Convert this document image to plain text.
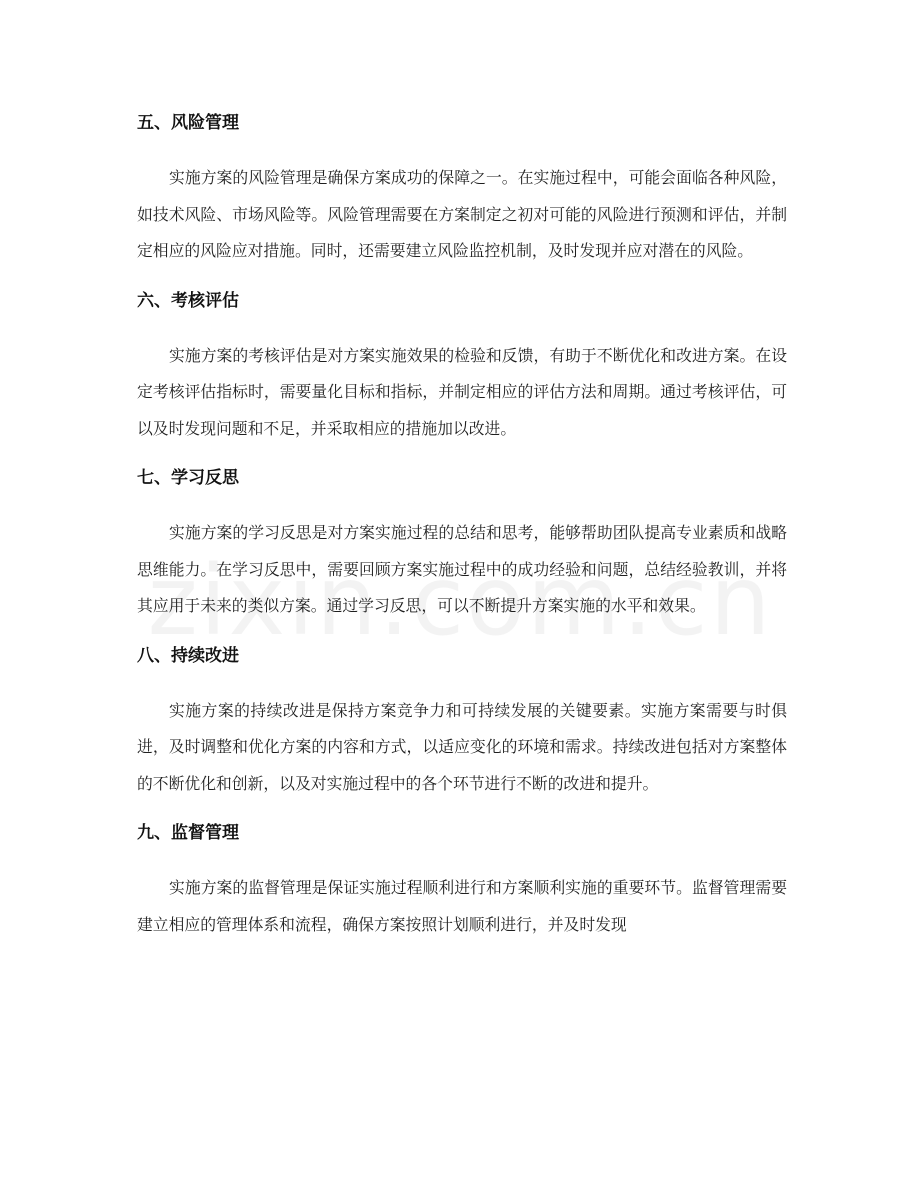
五、风险管理

实施方案的风险管理是确保方案成功的保障之一。在实施过程中，可能会面临各种风险，如技术风险、市场风险等。风险管理需要在方案制定之初对可能的风险进行预测和评估，并制定相应的风险应对措施。同时，还需要建立风险监控机制，及时发现并应对潜在的风险。

六、考核评估

实施方案的考核评估是对方案实施效果的检验和反馈，有助于不断优化和改进方案。在设定考核评估指标时，需要量化目标和指标，并制定相应的评估方法和周期。通过考核评估，可以及时发现问题和不足，并采取相应的措施加以改进。

七、学习反思

实施方案的学习反思是对方案实施过程的总结和思考，能够帮助团队提高专业素质和战略思维能力。在学习反思中，需要回顾方案实施过程中的成功经验和问题，总结经验教训，并将其应用于未来的类似方案。通过学习反思，可以不断提升方案实施的水平和效果。

八、持续改进

实施方案的持续改进是保持方案竞争力和可持续发展的关键要素。实施方案需要与时俱进，及时调整和优化方案的内容和方式，以适应变化的环境和需求。持续改进包括对方案整体的不断优化和创新，以及对实施过程中的各个环节进行不断的改进和提升。

九、监督管理

实施方案的监督管理是保证实施过程顺利进行和方案顺利实施的重要环节。监督管理需要建立相应的管理体系和流程，确保方案按照计划顺利进行，并及时发现
